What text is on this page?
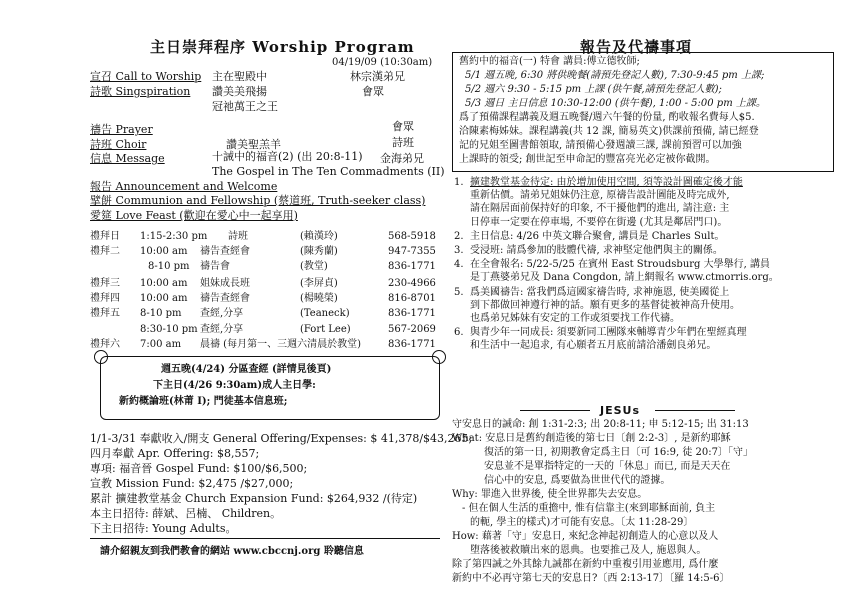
主日崇拜程序 Worship Program
04/19/09 (10:30am)
宣召 Call to Worship 主在聖殿中	林宗漢弟兄
詩歌 Singspiration 讚美美飛揚	會眾
冠祂萬王之王
禱告 Prayer	會眾
詩班 Choir	讚美聖羔羊	詩班
信息 Message	十誡中的福音(2) (出 20:8-11) 金海弟兄
The Gospel in The Ten Commadments (II)
報告 Announcement and Welcome
擘餅 Communion and Fellowship (蔡道班, Truth-seeker class)
愛筵 Love Feast (歡迎在愛心中一起享用)
禮拜日 1:15-2:30 pm 詩班	(賴漢玲)	568-5918
禮拜二 10:00 am 禱告查經會	(陳秀蘭)	947-7355
8-10 pm 禱告會	(教堂)	836-1771
禮拜三 10:00 am 姐妹成長班	(李屏貞)	230-4966
禮拜四 10:00 am 禱告查經會	(楊曉榮)	816-8701
禮拜五 8-10 pm 查經,分享	(Teaneck)	836-1771
8:30-10 pm 查經,分享	(Fort Lee)	567-2069
禮拜六 7:00 am 晨禱 (每月第一、三週六清晨於教堂)	836-1771
週五晚(4/24) 分區查經 (詳情見後頁)
下主日(4/26 9:30am)成人主日學:
新約概論班(林莆 I); 門徒基本信息班;
1/1-3/31 奉獻收入/開支 General Offering/Expenses: $ 41,378/$43,265;
四月奉獻 Apr. Offering: $8,557;
專項: 福音晉 Gospel Fund: $100/$6,500;
宣教 Mission Fund: $2,475 /$27,000;
累計 擴建教堂基金 Church Expansion Fund: $264,932 /(待定)
本主日招待: 薛斌、呂楠、 Children。
下主日招待: Young Adults。
請介紹親友到我們教會的網站 www.cbccnj.org 聆聽信息
報告及代禱事項
舊約中的福音(一) 特會 講員:傅立德牧師;
5/1 週五晚, 6:30 將供晚餐(請預先登記人數), 7:30-9:45 pm 上課;
5/2 週六 9:30 - 5:15 pm 上課 (供午餐,請預先登記人數);
5/3 週日 主日信息 10:30-12:00 (供午餐), 1:00 - 5:00 pm 上課。
爲了預備課程講義及週五晚餐/週六午餐的份量, 酌收報名費每人$5.
洽陳素梅姊妹。課程講義(共 12 課, 簡易英文)供課前預備, 請已經登
記的兄姐至圖書館領取, 請預備心發週讀三課, 課前預習可以加強
上課時的領受; 創世記至申命記的豐富亮光必定被你截開。
1. 擴建教堂基金待定: 由於增加使用空間, 須等設計圖確定後才能
重新估價。請弟兄姐妹仍注意, 原禱告設計圖能及時完成外,
請在隔居面前保持好的印象, 不干擾他們的進出, 請注意: 主
日停車一定要在停車場, 不要停在街邊 (尤其是鄰居門口)。
2. 主日信息: 4/26 中英文聯合聚會, 講員是 Charles Sult。
3. 受浸班: 請爲參加的肢體代禱, 求神堅定他們與主的關係。
4. 在全會報名: 5/22-5/25 在賓州 East Stroudsburg 大學舉行, 講員
是丁燕婆弟兄及 Dana Congdon, 請上網報名 www.ctmorris.org。
5. 爲美國禱告: 當我們爲這國家禱告時, 求神施恩, 使美國從上
到下都做回神遵行神的話。願有更多的基督徒被神高升使用。
也爲弟兄姊妹有安定的工作或須要找工作代禱。
6. 與青少年一同成長: 須要新同工團隊來輔導青少年們在聖經真理
和生活中一起追求, 有心願者五月底前請洽潘劍良弟兄。
JESUs
守安息日的誡命: 創 1:31-2:3; 出 20:8-11; 申 5:12-15; 出 31:13
What: 安息日是舊約創造後的第七日〔創 2:2-3〕, 是新約耶穌
復活的第一日, 初期教會定爲主日〔可 16:9, 徒 20:7〕「守」
安息並不是單指特定的一天的「休息」而已, 而是天天在
信心中的安息, 爲要做為世世代代的證據。
Why: 罪進入世界後, 使全世界都失去安息。
- 但在個人生活的重擔中, 惟有信靠主(來到耶穌面前, 負主
的軛, 學主的樣式)才可能有安息。〔太 11:28-29〕
How: 藉著「守」安息日, 來紀念神起初創造人的心意以及人
堕落後被救贖出來的恩典。也要推己及人, 施恩與人。
除了第四誡之外其餘九誡都在新約中重複引用並應用, 爲什麼
新約中不必再守第七天的安息日?〔西 2:13-17〕〔羅 14:5-6〕
